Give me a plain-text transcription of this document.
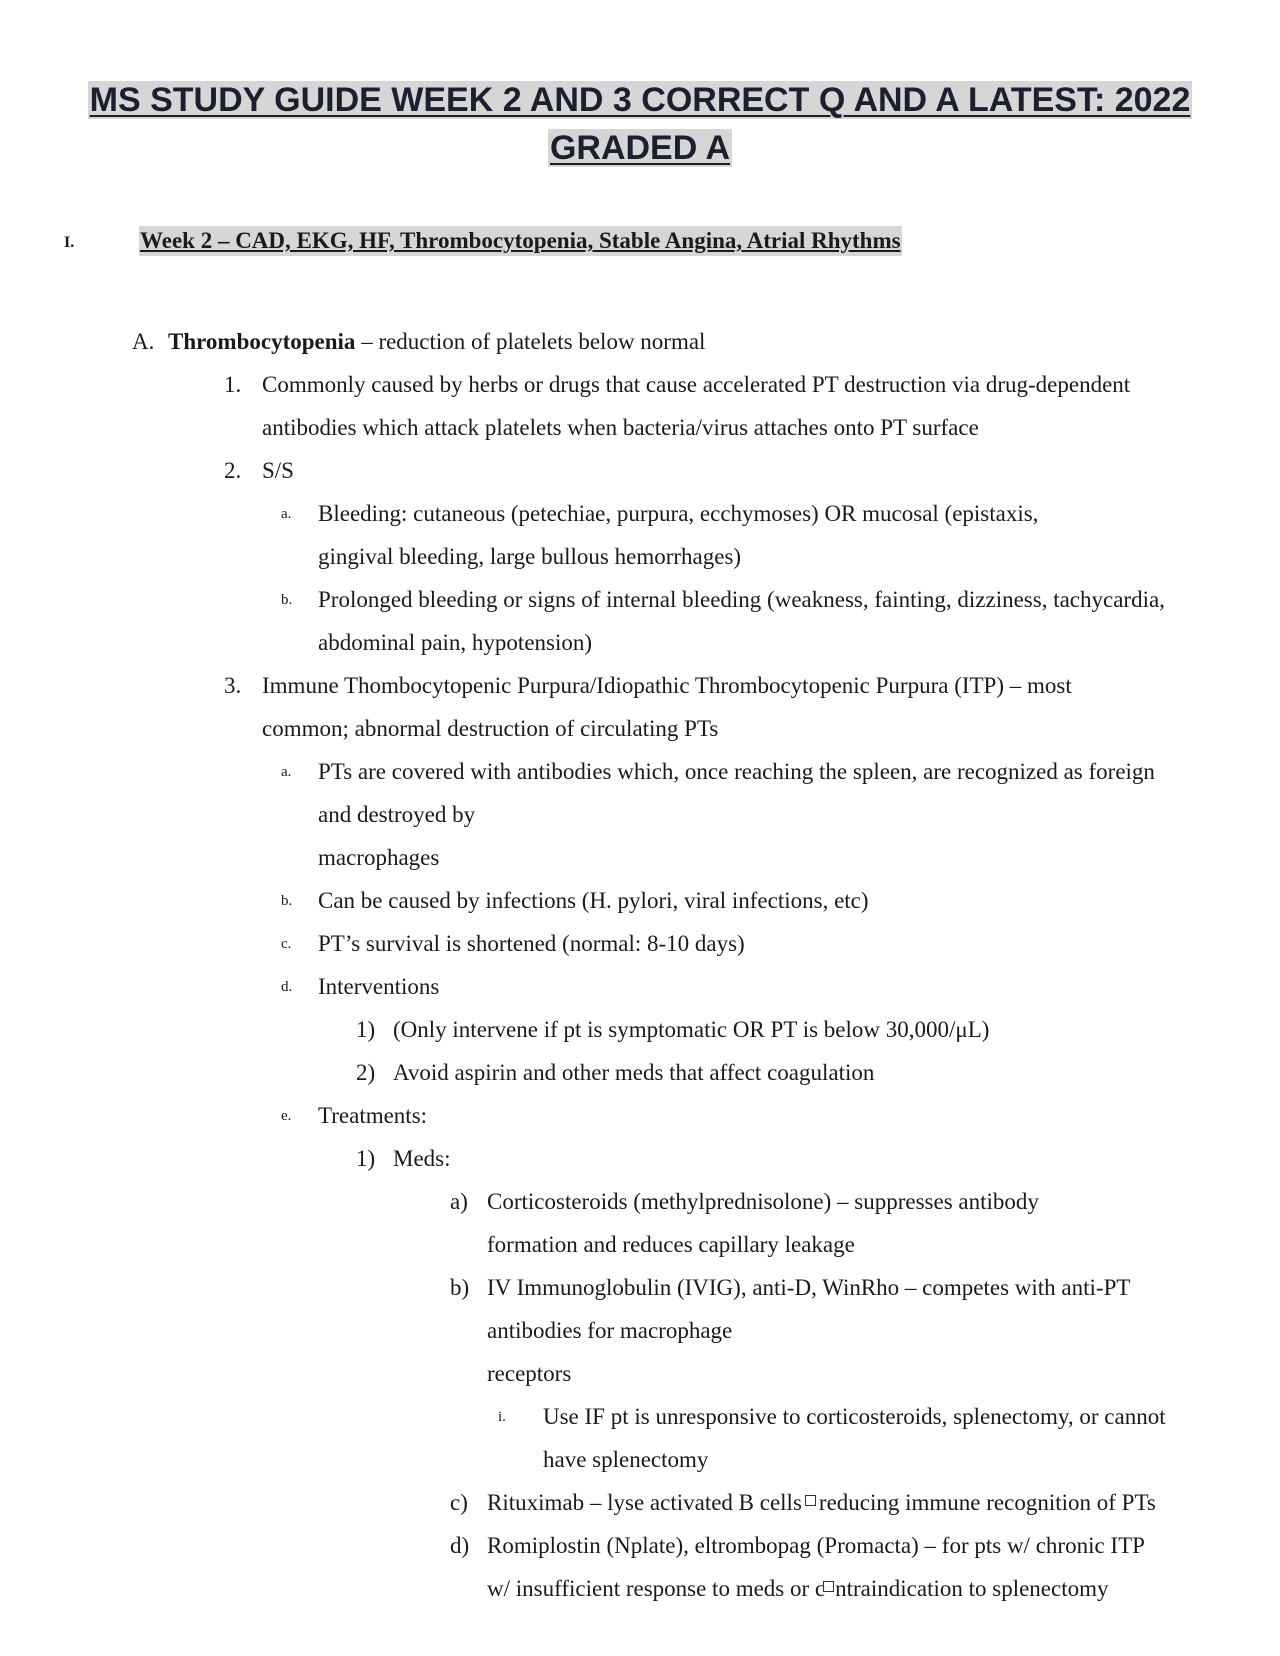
MS STUDY GUIDE WEEK 2 AND 3 CORRECT Q AND A LATEST: 2022
GRADED A
I.	Week 2 – CAD, EKG, HF, Thrombocytopenia, Stable Angina, Atrial Rhythms
A. Thrombocytopenia – reduction of platelets below normal
1. Commonly caused by herbs or drugs that cause accelerated PT destruction via drug-dependent
antibodies which attack platelets when bacteria/virus attaches onto PT surface
2. S/S
a. Bleeding: cutaneous (petechiae, purpura, ecchymoses) OR mucosal (epistaxis,
gingival bleeding, large bullous hemorrhages)
b. Prolonged bleeding or signs of internal bleeding (weakness, fainting, dizziness, tachycardia,
abdominal pain, hypotension)
3. Immune Thombocytopenic Purpura/Idiopathic Thrombocytopenic Purpura (ITP) – most
common; abnormal destruction of circulating PTs
a. PTs are covered with antibodies which, once reaching the spleen, are recognized as foreign
and destroyed by
macrophages
b. Can be caused by infections (H. pylori, viral infections, etc)
c. PT’s survival is shortened (normal: 8-10 days)
d. Interventions
1) (Only intervene if pt is symptomatic OR PT is below 30,000/μL)
2) Avoid aspirin and other meds that affect coagulation
e. Treatments:
1) Meds:
a) Corticosteroids (methylprednisolone) – suppresses antibody
formation and reduces capillary leakage
b) IV Immunoglobulin (IVIG), anti-D, WinRho – competes with anti-PT
antibodies for macrophage
receptors
i. Use IF pt is unresponsive to corticosteroids, splenectomy, or cannot
have splenectomy
c) Rituximab – lyse activated B cells reducing immune recognition of PTs
d) Romiplostin (Nplate), eltrombopag (Promacta) – for pts w/ chronic ITP
w/ insufficient response to meds or c ntraindication to splenectomy
